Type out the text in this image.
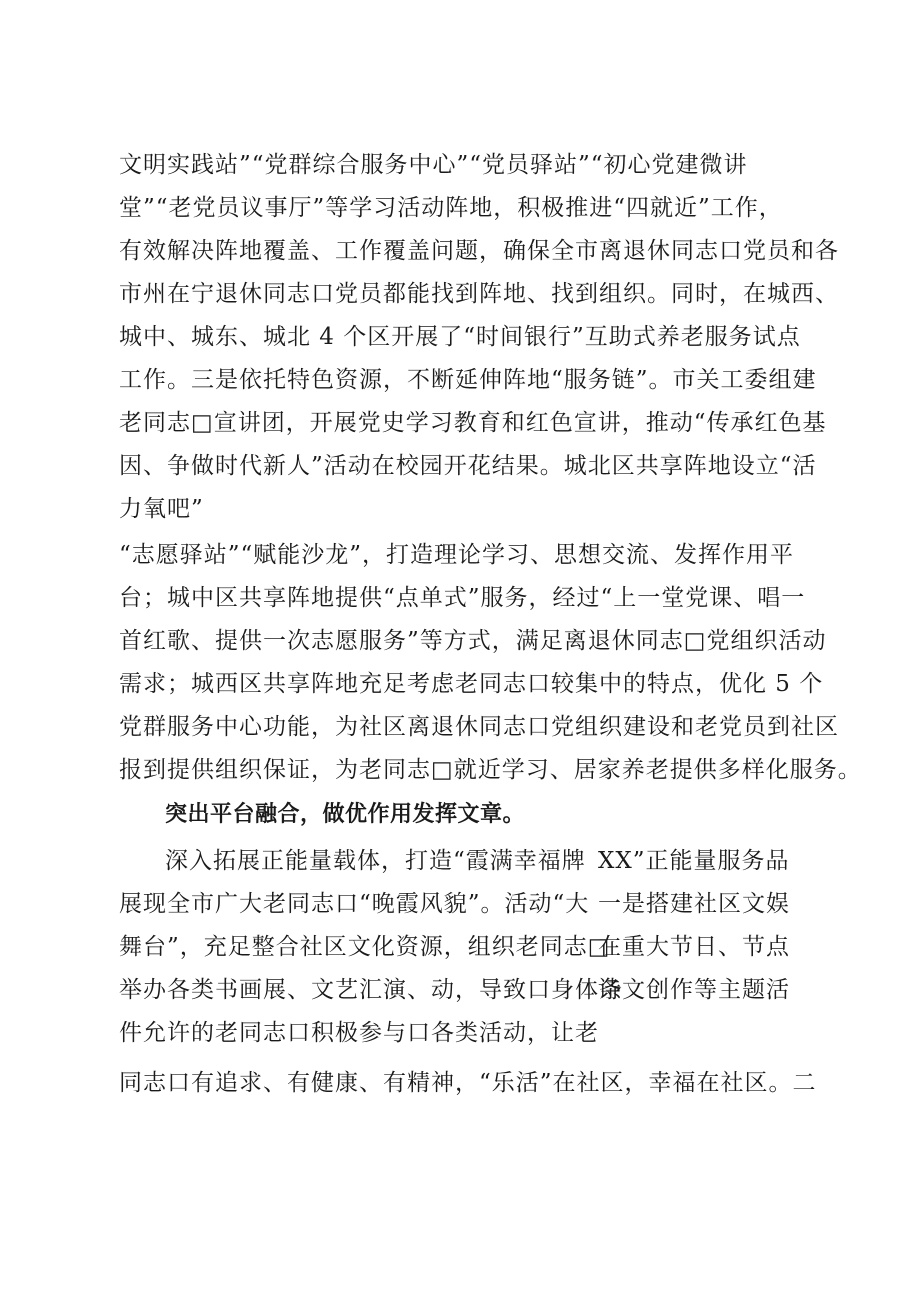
文明实践站”“党群综合服务中心”“党员驿站”“初心党建微讲
堂”“老党员议事厅”等学习活动阵地，积极推进“四就近”工作，
有效解决阵地覆盖、工作覆盖问题，确保全市离退休同志口党员和各
市州在宁退休同志口党员都能找到阵地、找到组织。同时，在城西、
城中、城东、城北 4 个区开展了“时间银行”互助式养老服务试点
工作。三是依托特色资源，不断延伸阵地“服务链”。市关工委组建
老同志□宣讲团，开展党史学习教育和红色宣讲，推动“传承红色基
因、争做时代新人”活动在校园开花结果。城北区共享阵地设立“活
力氧吧”
“志愿驿站”“赋能沙龙”，打造理论学习、思想交流、发挥作用平
台；城中区共享阵地提供“点单式”服务，经过“上一堂党课、唱一
首红歌、提供一次志愿服务”等方式，满足离退休同志□党组织活动
需求；城西区共享阵地充足考虑老同志口较集中的特点，优化 5 个
党群服务中心功能，为社区离退休同志口党组织建设和老党员到社区
报到提供组织保证，为老同志□就近学习、居家养老提供多样化服务。
突出平台融合，做优作用发挥文章。
深入拓展正能量载体，打造“霞满幸福牌
展现全市广大老同志口“晚霞风貌”。活动“大
舞台”，充足整合社区文化资源，组织老同志□
举办各类书画展、文艺汇演、动，导致口身体条
件允许的老同志口积极参与口各类活动，让老
XX”正能量服务品
一是搭建社区文娱
在重大节日、节点
诗文创作等主题活
同志口有追求、有健康、有精神，“乐活”在社区，幸福在社区。二
